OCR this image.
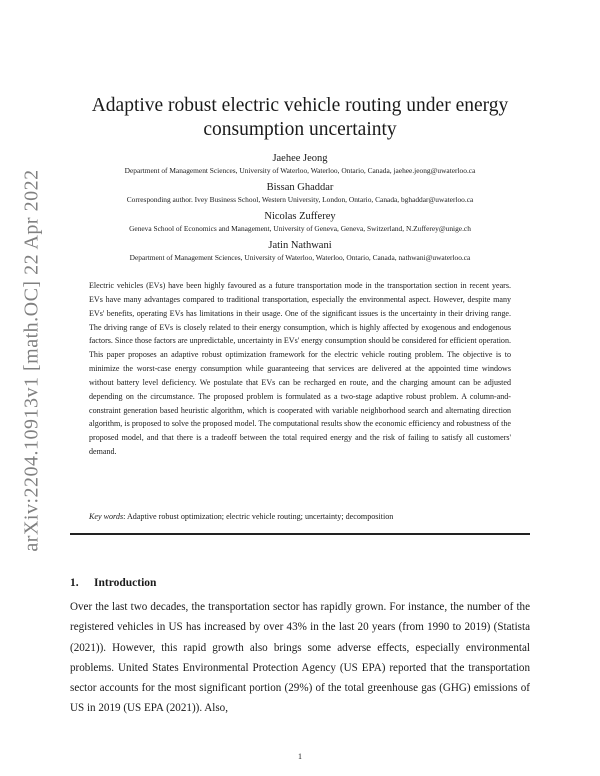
arXiv:2204.10913v1 [math.OC] 22 Apr 2022
Adaptive robust electric vehicle routing under energy consumption uncertainty
Jaehee Jeong
Department of Management Sciences, University of Waterloo, Waterloo, Ontario, Canada, jaehee.jeong@uwaterloo.ca
Bissan Ghaddar
Corresponding author. Ivey Business School, Western University, London, Ontario, Canada, bghaddar@uwaterloo.ca
Nicolas Zufferey
Geneva School of Economics and Management, University of Geneva, Geneva, Switzerland, N.Zufferey@unige.ch
Jatin Nathwani
Department of Management Sciences, University of Waterloo, Waterloo, Ontario, Canada, nathwani@uwaterloo.ca

Electric vehicles (EVs) have been highly favoured as a future transportation mode in the transportation section in recent years. EVs have many advantages compared to traditional transportation, especially the environmental aspect. However, despite many EVs' benefits, operating EVs has limitations in their usage. One of the significant issues is the uncertainty in their driving range. The driving range of EVs is closely related to their energy consumption, which is highly affected by exogenous and endogenous factors. Since those factors are unpredictable, uncertainty in EVs' energy consumption should be considered for efficient operation. This paper proposes an adaptive robust optimization framework for the electric vehicle routing problem. The objective is to minimize the worst-case energy consumption while guaranteeing that services are delivered at the appointed time windows without battery level deficiency. We postulate that EVs can be recharged en route, and the charging amount can be adjusted depending on the circumstance. The proposed problem is formulated as a two-stage adaptive robust problem. A column-and-constraint generation based heuristic algorithm, which is cooperated with variable neighborhood search and alternating direction algorithm, is proposed to solve the proposed model. The computational results show the economic efficiency and robustness of the proposed model, and that there is a tradeoff between the total required energy and the risk of failing to satisfy all customers' demand.

Key words: Adaptive robust optimization; electric vehicle routing; uncertainty; decomposition
1. Introduction

Over the last two decades, the transportation sector has rapidly grown. For instance, the number of the registered vehicles in US has increased by over 43% in the last 20 years (from 1990 to 2019) (Statista (2021)). However, this rapid growth also brings some adverse effects, especially environmental problems. United States Environmental Protection Agency (US EPA) reported that the transportation sector accounts for the most significant portion (29%) of the total greenhouse gas (GHG) emissions of US in 2019 (US EPA (2021)). Also,

1
